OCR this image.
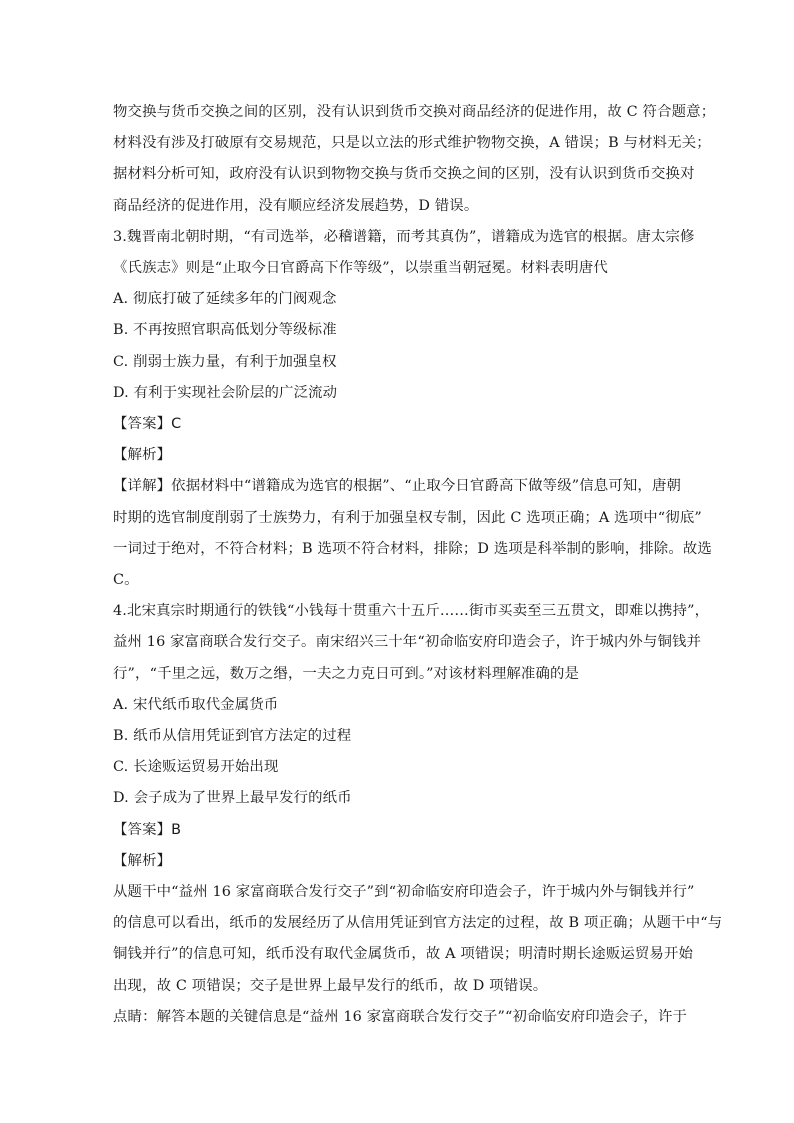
物交换与货币交换之间的区别，没有认识到货币交换对商品经济的促进作用，故 C 符合题意；
材料没有涉及打破原有交易规范，只是以立法的形式维护物物交换，A 错误；B 与材料无关；
据材料分析可知，政府没有认识到物物交换与货币交换之间的区别，没有认识到货币交换对
商品经济的促进作用，没有顺应经济发展趋势，D 错误。
3.魏晋南北朝时期，“有司选举，必稽谱籍，而考其真伪”，谱籍成为选官的根据。唐太宗修
《氏族志》则是“止取今日官爵高下作等级”，以崇重当朝冠冕。材料表明唐代
A. 彻底打破了延续多年的门阀观念
B. 不再按照官职高低划分等级标准
C. 削弱士族力量，有利于加强皇权
D. 有利于实现社会阶层的广泛流动
【答案】C
【解析】
【详解】依据材料中“谱籍成为选官的根据”、“止取今日官爵高下做等级”信息可知，唐朝
时期的选官制度削弱了士族势力，有利于加强皇权专制，因此 C 选项正确；A 选项中“彻底”
一词过于绝对，不符合材料；B 选项不符合材料，排除；D 选项是科举制的影响，排除。故选
C。
4.北宋真宗时期通行的铁钱“小钱每十贯重六十五斤……街市买卖至三五贯文，即难以携持”，
益州 16 家富商联合发行交子。南宋绍兴三十年“初命临安府印造会子，许于城内外与铜钱并
行”，“千里之远，数万之缗，一夫之力克日可到。”对该材料理解准确的是
A. 宋代纸币取代金属货币
B. 纸币从信用凭证到官方法定的过程
C. 长途贩运贸易开始出现
D. 会子成为了世界上最早发行的纸币
【答案】B
【解析】
从题干中“益州 16 家富商联合发行交子”到“初命临安府印造会子，许于城内外与铜钱并行”
的信息可以看出，纸币的发展经历了从信用凭证到官方法定的过程，故 B 项正确；从题干中“与
铜钱并行”的信息可知，纸币没有取代金属货币，故 A 项错误；明清时期长途贩运贸易开始
出现，故 C 项错误；交子是世界上最早发行的纸币，故 D 项错误。
点睛：解答本题的关键信息是“益州 16 家富商联合发行交子”“初命临安府印造会子，许于
